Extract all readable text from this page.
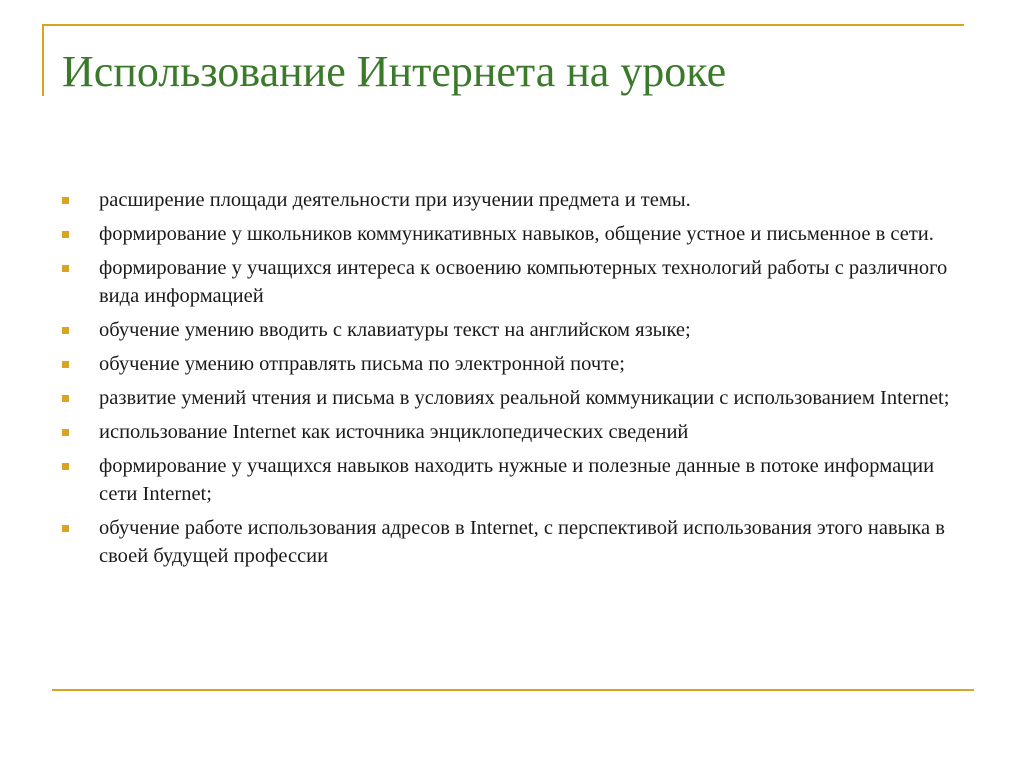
Использование Интернета на уроке
расширение площади деятельности при изучении предмета и темы.
формирование у школьников коммуникативных навыков, общение устное и письменное в сети.
формирование у учащихся интереса к освоению компьютерных технологий работы с различного вида информацией
обучение умению вводить с клавиатуры текст на английском языке;
обучение умению отправлять письма по электронной почте;
развитие умений чтения и письма в условиях реальной коммуникации с использованием Internet;
использование Internet как источника энциклопедических сведений
формирование у учащихся навыков находить нужные и полезные данные в потоке информации сети Internet;
обучение работе использования адресов в Internet, с перспективой использования этого навыка в своей будущей профессии
